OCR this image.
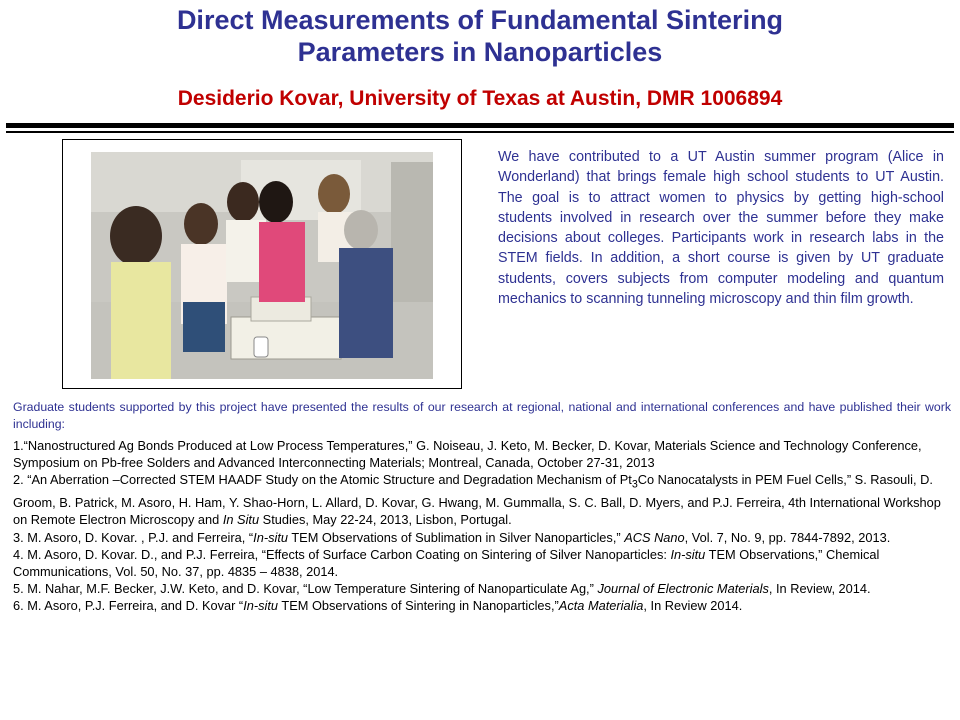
Direct Measurements of Fundamental Sintering
Parameters in Nanoparticles
Desiderio Kovar, University of Texas at Austin, DMR 1006894

We have contributed to a UT Austin summer program (Alice in Wonderland) that brings female high school students to UT Austin. The goal is to attract women to physics by getting high-school students involved in research over the summer before they make decisions about colleges. Participants work in research labs in the STEM fields. In addition, a short course is given by UT graduate students, covers subjects from computer modeling and quantum mechanics to scanning tunneling microscopy and thin film growth.

Graduate students supported by this project have presented the results of our research at regional, national and international conferences and have published their work including:

1.“Nanostructured Ag Bonds Produced at Low Process Temperatures,” G. Noiseau, J. Keto, M. Becker, D. Kovar, Materials Science and Technology Conference, Symposium on Pb-free Solders and Advanced Interconnecting Materials; Montreal, Canada, October 27-31, 2013

2. “An Aberration –Corrected STEM HAADF Study on the Atomic Structure and Degradation Mechanism of $Pt_3Co$ Nanocatalysts in PEM Fuel Cells,” S. Rasouli, D. Groom, B. Patrick, M. Asoro, H. Ham, Y. Shao-Horn, L. Allard, D. Kovar, G. Hwang, M. Gummalla, S. C. Ball, D. Myers, and P.J. Ferreira, 4th International Workshop on Remote Electron Microscopy and In Situ Studies, May 22-24, 2013, Lisbon, Portugal.

3. M. Asoro, D. Kovar. , P.J. and Ferreira, “In-situ TEM Observations of Sublimation in Silver Nanoparticles,” ACS Nano, Vol. 7, No. 9, pp. 7844-7892, 2013.

4. M. Asoro, D. Kovar. D., and P.J. Ferreira, “Effects of Surface Carbon Coating on Sintering of Silver Nanoparticles: In-situ TEM Observations,” Chemical Communications, Vol. 50, No. 37, pp. 4835 – 4838, 2014.

5. M. Nahar, M.F. Becker, J.W. Keto, and D. Kovar, “Low Temperature Sintering of Nanoparticulate Ag,” Journal of Electronic Materials, In Review, 2014.

6. M. Asoro, P.J. Ferreira, and D. Kovar “In-situ TEM Observations of Sintering in Nanoparticles,”Acta Materialia, In Review 2014.
